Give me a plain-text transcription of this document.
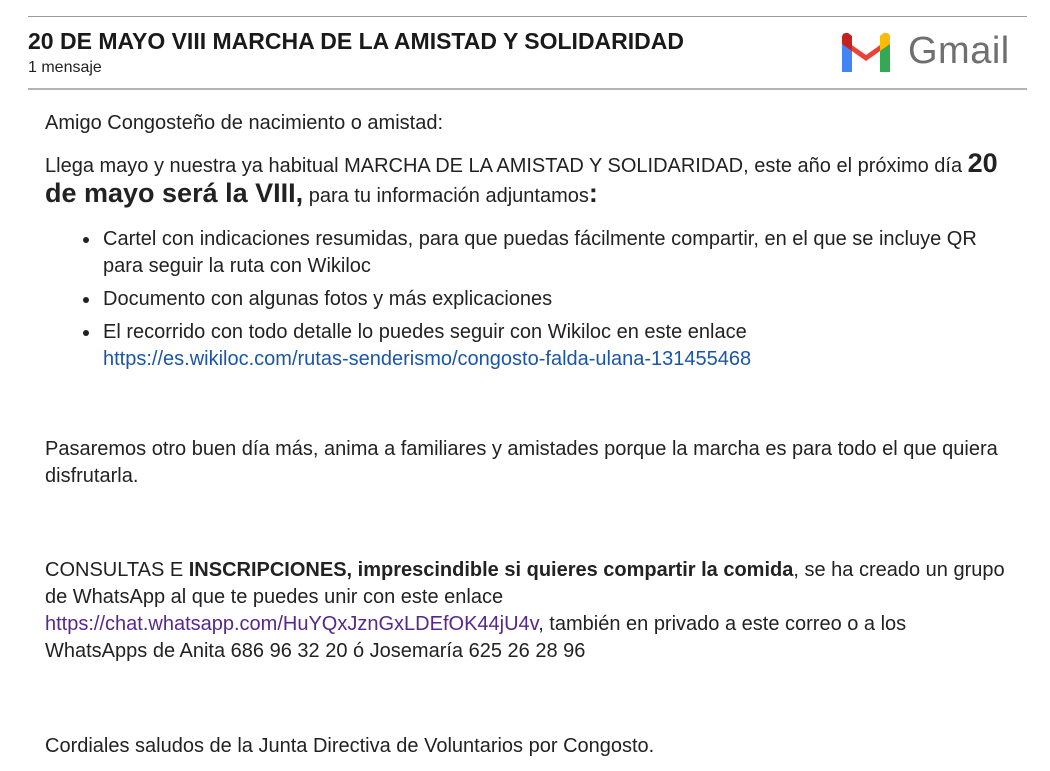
20 DE MAYO VIII MARCHA DE LA AMISTAD Y SOLIDARIDAD
1 mensaje	Gmail
Amigo Congosteño de nacimiento o amistad:
Llega mayo y nuestra ya habitual MARCHA DE LA AMISTAD Y SOLIDARIDAD, este año el próximo día 20 de mayo será la VIII, para tu información adjuntamos:
Cartel con indicaciones resumidas, para que puedas fácilmente compartir, en el que se incluye QR para seguir la ruta con Wikiloc
Documento con algunas fotos y más explicaciones
El recorrido con todo detalle lo puedes seguir con Wikiloc en este enlace
https://es.wikiloc.com/rutas-senderismo/congosto-falda-ulana-131455468
Pasaremos otro buen día más, anima a familiares y amistades porque la marcha es para todo el que quiera disfrutarla.
CONSULTAS E INSCRIPCIONES, imprescindible si quieres compartir la comida, se ha creado un grupo de WhatsApp al que te puedes unir con este enlace https://chat.whatsapp.com/HuYQxJznGxLDEfOK44jU4v, también en privado a este correo o a los WhatsApps de Anita 686 96 32 20 ó Josemaría 625 26 28 96
Cordiales saludos de la Junta Directiva de Voluntarios por Congosto.
